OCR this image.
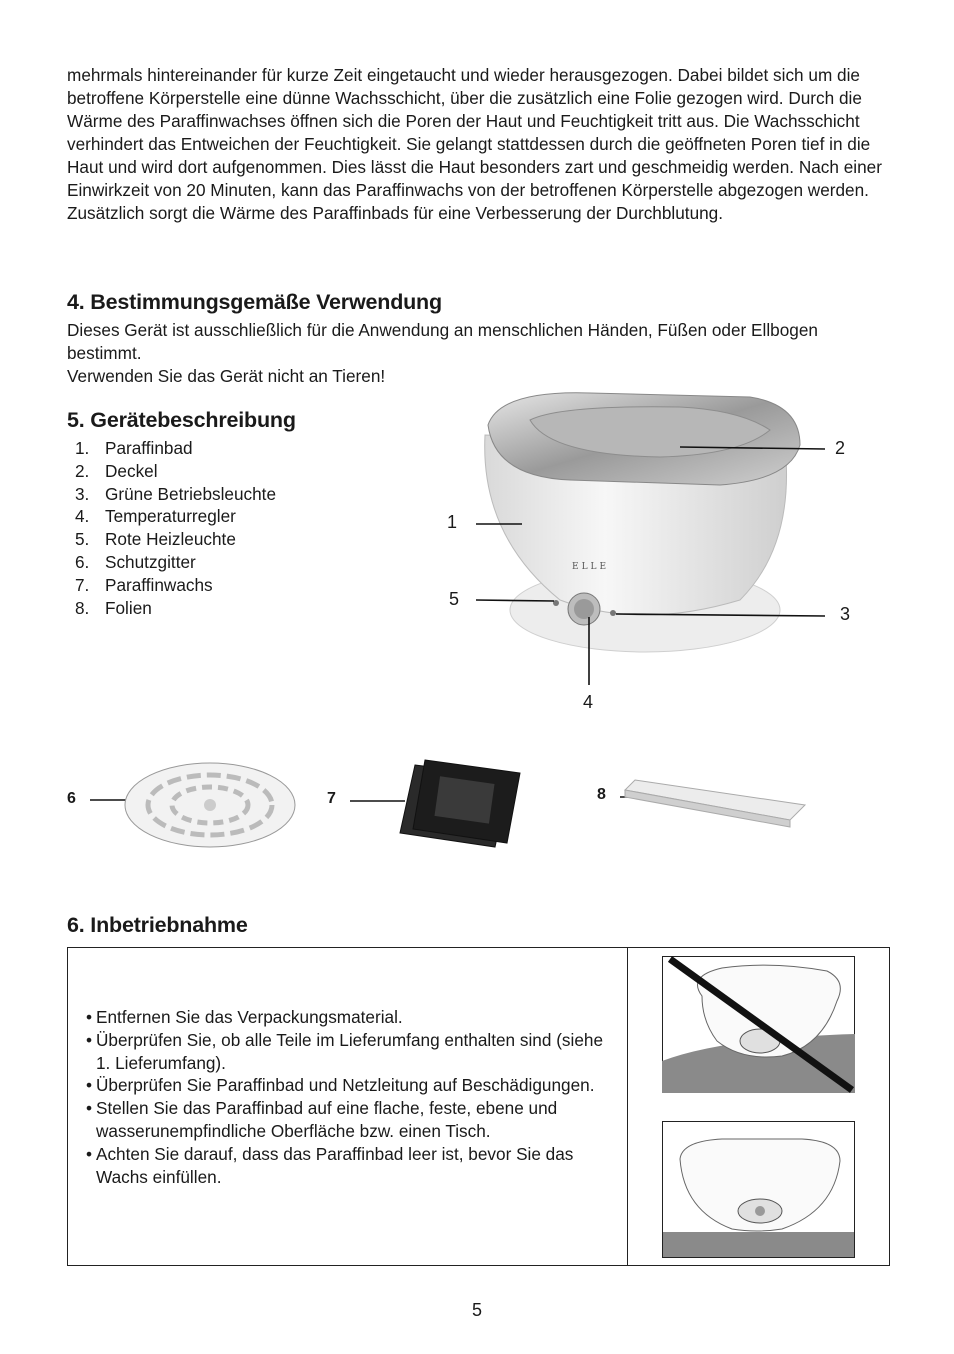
mehrmals hintereinander für kurze Zeit eingetaucht und wieder herausgezogen. Dabei bildet sich um die betroffene Körperstelle eine dünne Wachsschicht, über die zusätzlich eine Folie gezogen wird. Durch die Wärme des Paraffinwachses öffnen sich die Poren der Haut und Feuchtigkeit tritt aus. Die Wachsschicht verhindert das Entweichen der Feuchtigkeit. Sie gelangt stattdessen durch die geöffneten Poren tief in die Haut und wird dort aufgenommen. Dies lässt die Haut besonders zart und geschmeidig werden. Nach einer Einwirkzeit von 20 Minuten, kann das Paraffinwachs von der betroffenen Körperstelle abgezogen werden.

Zusätzlich sorgt die Wärme des Paraffinbads für eine Verbesserung der Durchblutung.

4. Bestimmungsgemäße Verwendung

Dieses Gerät ist ausschließlich für die Anwendung an menschlichen Händen, Füßen oder Ellbogen bestimmt.

Verwenden Sie das Gerät nicht an Tieren!

5. Gerätebeschreibung
1. Paraffinbad
2. Deckel
3. Grüne Betriebsleuchte
4. Temperaturregler
5. Rote Heizleuchte
6. Schutzgitter
7. Paraffinwachs
8. Folien
ELLE
1
2
3
4
5
6	7	8
6. Inbetriebnahme
• Entfernen Sie das Verpackungsmaterial.
• Überprüfen Sie, ob alle Teile im Lieferumfang enthalten sind (siehe 1. Lieferumfang).
• Überprüfen Sie Paraffinbad und Netzleitung auf Beschädigungen.
• Stellen Sie das Paraffinbad auf eine flache, feste, ebene und wasserunempfindliche Oberfläche bzw. einen Tisch.
• Achten Sie darauf, dass das Paraffinbad leer ist, bevor Sie das Wachs einfüllen.
5
